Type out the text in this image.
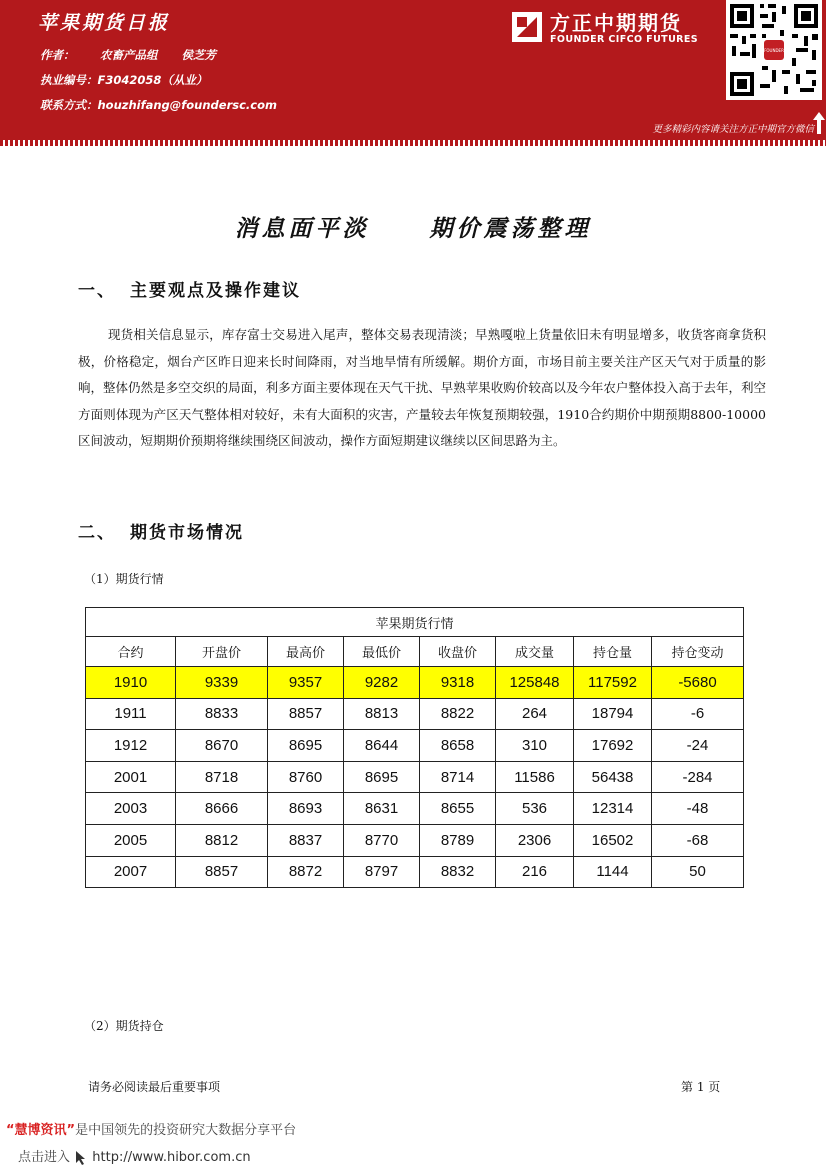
苹果期货日报
作者： 农畜产品组 侯芝芳
执业编号：F3042058（从业）
联系方式：houzhifang@foundersc.com

方正中期期货
FOUNDER CIFCO FUTURES
FOUNDER
更多精彩内容请关注方正中期官方微信
消息面平淡	期价震荡整理
一、 主要观点及操作建议
现货相关信息显示，库存富士交易进入尾声，整体交易表现清淡；早熟嘎啦上货量依旧未有明显增多，收货客商拿货积极，价格稳定，烟台产区昨日迎来长时间降雨，对当地旱情有所缓解。期价方面，市场目前主要关注产区天气对于质量的影响，整体仍然是多空交织的局面，利多方面主要体现在天气干扰、早熟苹果收购价较高以及今年农户整体投入高于去年，利空方面则体现为产区天气整体相对较好，未有大面积的灾害，产量较去年恢复预期较强，1910合约期价中期预期8800-10000区间波动，短期期价预期将继续围绕区间波动，操作方面短期建议继续以区间思路为主。
二、 期货市场情况
（1）期货行情
苹果期货行情							
合约	开盘价	最高价	最低价	收盘价	成交量	持仓量	持仓变动
1910	9339	9357	9282	9318	125848	117592	-5680
1911	8833	8857	8813	8822	264	18794	-6
1912	8670	8695	8644	8658	310	17692	-24
2001	8718	8760	8695	8714	11586	56438	-284
2003	8666	8693	8631	8655	536	12314	-48
2005	8812	8837	8770	8789	2306	16502	-68
2007	8857	8872	8797	8832	216	1144	50
（2）期货持仓
请务必阅读最后重要事项	第 1 页
“慧博资讯”是中国领先的投资研究大数据分享平台
点击进入 http://www.hibor.com.cn
